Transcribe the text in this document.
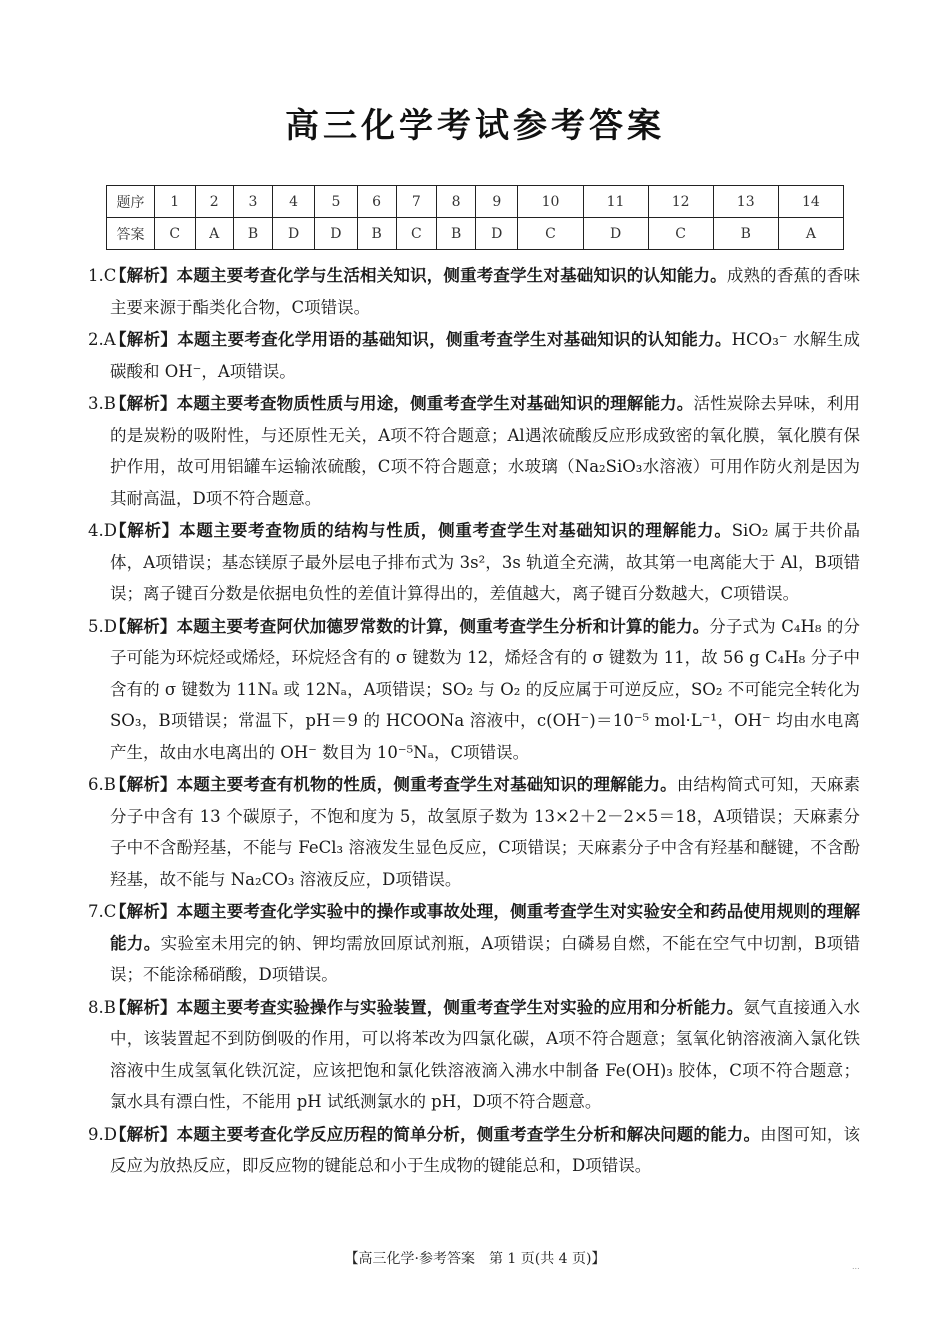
高三化学考试参考答案
题序	1	2	3	4	5	6	7	8	9	10	11	12	13	14
答案	C	A	B	D	D	B	C	B	D	C	D	C	B	A
1.C
【解析】本题主要考查化学与生活相关知识，侧重考查学生对基础知识的认知能力。成熟的香蕉的香味主要来源于酯类化合物，C项错误。
2.A
【解析】本题主要考查化学用语的基础知识，侧重考查学生对基础知识的认知能力。HCO₃⁻ 水解生成碳酸和 OH⁻，A项错误。
3.B
【解析】本题主要考查物质性质与用途，侧重考查学生对基础知识的理解能力。活性炭除去异味，利用的是炭粉的吸附性，与还原性无关，A项不符合题意；Al遇浓硫酸反应形成致密的氧化膜，氧化膜有保护作用，故可用铝罐车运输浓硫酸，C项不符合题意；水玻璃（Na₂SiO₃水溶液）可用作防火剂是因为其耐高温，D项不符合题意。
4.D
【解析】本题主要考查物质的结构与性质，侧重考查学生对基础知识的理解能力。SiO₂ 属于共价晶体，A项错误；基态镁原子最外层电子排布式为 3s²，3s 轨道全充满，故其第一电离能大于 Al，B项错误；离子键百分数是依据电负性的差值计算得出的，差值越大，离子键百分数越大，C项错误。
5.D
【解析】本题主要考查阿伏加德罗常数的计算，侧重考查学生分析和计算的能力。分子式为 C₄H₈ 的分子可能为环烷烃或烯烃，环烷烃含有的 σ 键数为 12，烯烃含有的 σ 键数为 11，故 56 g C₄H₈ 分子中含有的 σ 键数为 11Nₐ 或 12Nₐ，A项错误；SO₂ 与 O₂ 的反应属于可逆反应，SO₂ 不可能完全转化为 SO₃，B项错误；常温下，pH＝9 的 HCOONa 溶液中，c(OH⁻)＝10⁻⁵ mol·L⁻¹，OH⁻ 均由水电离产生，故由水电离出的 OH⁻ 数目为 10⁻⁵Nₐ，C项错误。
6.B
【解析】本题主要考查有机物的性质，侧重考查学生对基础知识的理解能力。由结构简式可知，天麻素分子中含有 13 个碳原子，不饱和度为 5，故氢原子数为 13×2＋2－2×5＝18，A项错误；天麻素分子中不含酚羟基，不能与 FeCl₃ 溶液发生显色反应，C项错误；天麻素分子中含有羟基和醚键，不含酚羟基，故不能与 Na₂CO₃ 溶液反应，D项错误。
7.C
【解析】本题主要考查化学实验中的操作或事故处理，侧重考查学生对实验安全和药品使用规则的理解能力。实验室未用完的钠、钾均需放回原试剂瓶，A项错误；白磷易自燃，不能在空气中切割，B项错误；不能涂稀硝酸，D项错误。
8.B
【解析】本题主要考查实验操作与实验装置，侧重考查学生对实验的应用和分析能力。氨气直接通入水中，该装置起不到防倒吸的作用，可以将苯改为四氯化碳，A项不符合题意；氢氧化钠溶液滴入氯化铁溶液中生成氢氧化铁沉淀，应该把饱和氯化铁溶液滴入沸水中制备 Fe(OH)₃ 胶体，C项不符合题意；氯水具有漂白性，不能用 pH 试纸测氯水的 pH，D项不符合题意。
9.D
【解析】本题主要考查化学反应历程的简单分析，侧重考查学生分析和解决问题的能力。由图可知，该反应为放热反应，即反应物的键能总和小于生成物的键能总和，D项错误。
【高三化学·参考答案　第 1 页(共 4 页)】	...
